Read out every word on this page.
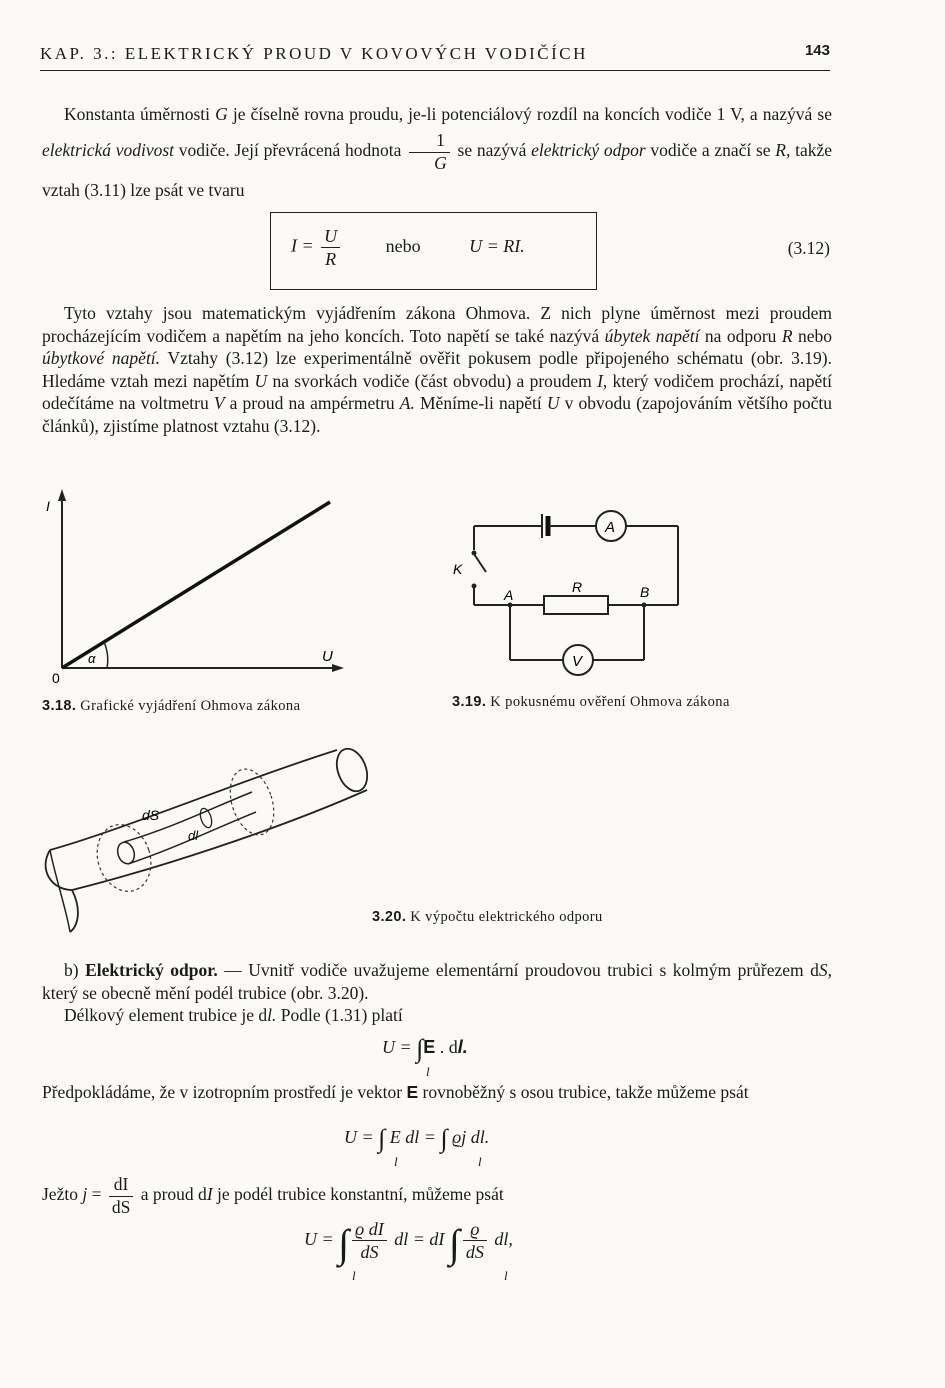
KAP. 3.: ELEKTRICKÝ PROUD V KOVOVÝCH VODIČÍCH	143

Konstanta úměrnosti G je číselně rovna proudu, je-li potenciálový rozdíl na koncích vodiče 1 V, a nazývá se elektrická vodivost vodiče. Její převrácená hodnota $\frac{1}{G}$ se nazývá elektrický odpor vodiče a značí se R, takže vztah (3.11) lze psát ve tvaru

$I = \frac{U}{R}$	nebo	U = RI.	(3.12)

Tyto vztahy jsou matematickým vyjádřením zákona Ohmova. Z nich plyne úměrnost mezi proudem procházejícím vodičem a napětím na jeho koncích. Toto napětí se také nazývá úbytek napětí na odporu R nebo úbytkové napětí. Vztahy (3.12) lze experimentálně ověřit pokusem podle připojeného schématu (obr. 3.19). Hledáme vztah mezi napětím U na svorkách vodiče (část obvodu) a proudem I, který vodičem prochází, napětí odečítáme na voltmetru V a proud na ampérmetru A. Měníme-li napětí U v obvodu (zapojováním většího počtu článků), zjistíme platnost vztahu (3.12).

I
U
0
α
3.18. Grafické vyjádření Ohmova zákona
A
K
R
A	B
V
3.19. K pokusnému ověření Ohmova zákona
dS
dl
3.20. K výpočtu elektrického odporu

b) Elektrický odpor. — Uvnitř vodiče uvažujeme elementární proudovou trubici s kolmým průřezem dS, který se obecně mění podél trubice (obr. 3.20).

Délkový element trubice je dl. Podle (1.31) platí

U = ∫E . dl.
l

Předpokládáme, že v izotropním prostředí je vektor E rovnoběžný s osou trubice, takže můžeme psát

U = ∫ E dl = ∫ ϱj dl.
l	l

Ježto $j = \frac{dI}{dS}$ a proud dI je podél trubice konstantní, můžeme psát

U = ∫ $\frac{\text{ϱ dI}}{dS}$ dl = dI ∫ $\frac{ϱ}{dS}$ dl,
l	l
